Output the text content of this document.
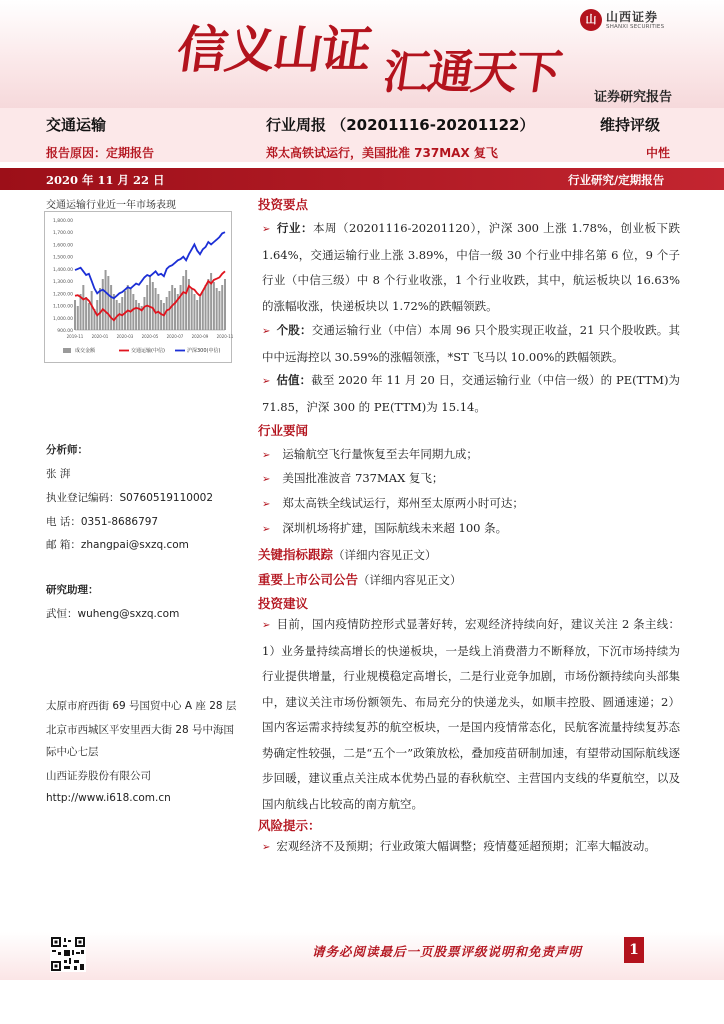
信义山证 汇通天下
山 山西证券
SHANXI SECURITIES
证券研究报告
交通运输	行业周报 （20201116-20201122）	维持评级
报告原因：定期报告	郑太高铁试运行，美国批准 737MAX 复飞	中性
2020 年 11 月 22 日	行业研究/定期报告
交通运输行业近一年市场表现
1,800.00
1,700.00
1,600.00
1,500.00
1,400.00
1,300.00
1,200.00
1,100.00
1,000.00
900.00
2019-11 2020-01 2020-03 2020-05 2020-07 2020-09 2020-11
成交金额	交通运输(中信)	沪深300(中信)
分析师：
张 湃
执业登记编码：S0760519110002
电 话：0351-8686797
邮 箱：zhangpai@sxzq.com
研究助理：
武恒：wuheng@sxzq.com
太原市府西街 69 号国贸中心 A 座 28 层
北京市西城区平安里西大街 28 号中海国
际中心七层
山西证券股份有限公司
http://www.i618.com.cn
投资要点
➢ 行业：本周（20201116-20201120），沪深 300 上涨 1.78%，创业板下跌 1.64%，交通运输行业上涨 3.89%，中信一级 30 个行业中排名第 6 位，9 个子行业（中信三级）中 8 个行业收涨，1 个行业收跌，其中，航运板块以 16.63%的涨幅收涨，快递板块以 1.72%的跌幅领跌。
➢ 个股：交通运输行业（中信）本周 96 只个股实现正收益，21 只个股收跌。其中中远海控以 30.59%的涨幅领涨，*ST 飞马以 10.00%的跌幅领跌。
➢ 估值：截至 2020 年 11 月 20 日，交通运输行业（中信一级）的 PE(TTM)为 71.85，沪深 300 的 PE(TTM)为 15.14。
行业要闻
➢ 运输航空飞行量恢复至去年同期九成；
➢ 美国批准波音 737MAX 复飞；
➢ 郑太高铁全线试运行，郑州至太原两小时可达；
➢ 深圳机场将扩建，国际航线未来超 100 条。
关键指标跟踪（详细内容见正文）
重要上市公司公告（详细内容见正文）
投资建议
➢ 目前，国内疫情防控形式显著好转，宏观经济持续向好，建议关注 2 条主线：1）业务量持续高增长的快递板块，一是线上消费潜力不断释放，下沉市场持续为行业提供增量，行业规模稳定高增长，二是行业竞争加剧，市场份额持续向头部集中，建议关注市场份额领先、布局充分的快递龙头，如顺丰控股、圆通速递；2）国内客运需求持续复苏的航空板块，一是国内疫情常态化，民航客流量持续复苏态势确定性较强，二是“五个一”政策放松，叠加疫苗研制加速，有望带动国际航线逐步回暖，建议重点关注成本优势凸显的春秋航空、主营国内支线的华夏航空，以及国内航线占比较高的南方航空。
风险提示：
➢ 宏观经济不及预期；行业政策大幅调整；疫情蔓延超预期；汇率大幅波动。
请务必阅读最后一页股票评级说明和免责声明	1
